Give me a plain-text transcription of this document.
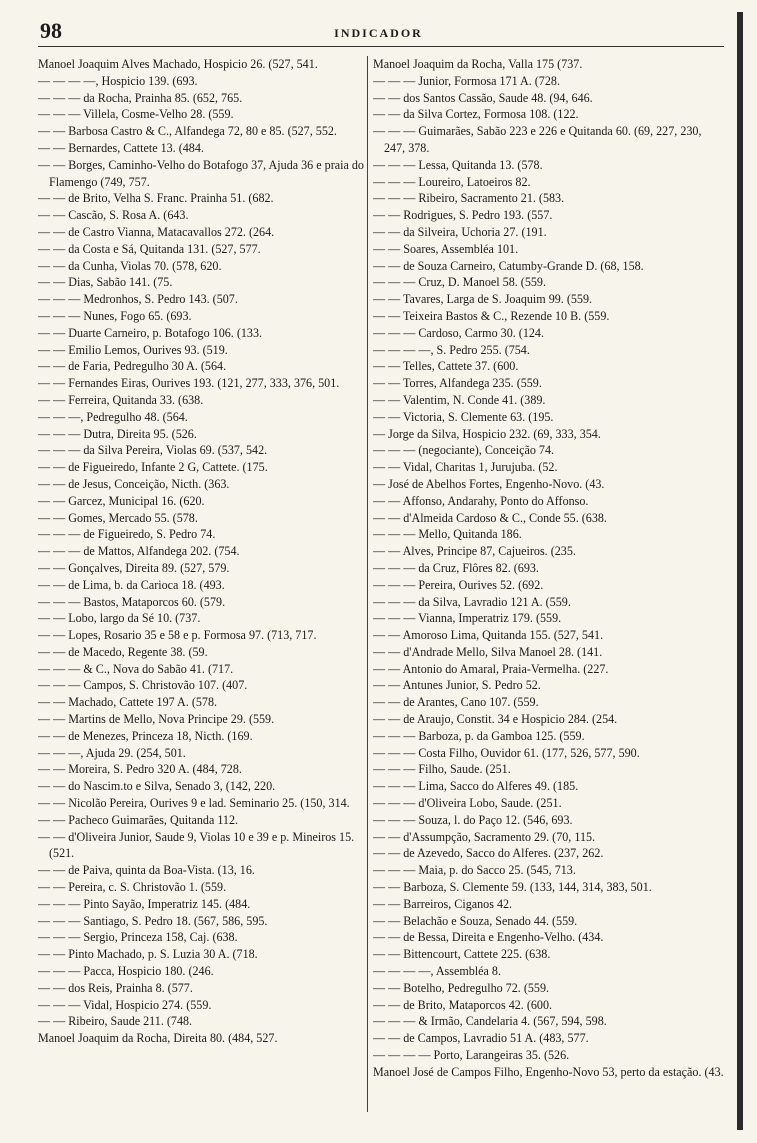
98	INDICADOR

Manoel Joaquim Alves Machado, Hospicio 26. (527, 541.

— — — —, Hospicio 139. (693.

— — — da Rocha, Prainha 85. (652, 765.

— — — Villela, Cosme-Velho 28. (559.

— — Barbosa Castro & C., Alfandega 72, 80 e 85. (527, 552.

— — Bernardes, Cattete 13. (484.

— — Borges, Caminho-Velho do Botafogo 37, Ajuda 36 e praia do Flamengo (749, 757.

— — de Brito, Velha S. Franc. Prainha 51. (682.

— — Cascão, S. Rosa A. (643.

— — de Castro Vianna, Matacavallos 272. (264.

— — da Costa e Sá, Quitanda 131. (527, 577.

— — da Cunha, Violas 70. (578, 620.

— — Dias, Sabão 141. (75.

— — — Medronhos, S. Pedro 143. (507.

— — — Nunes, Fogo 65. (693.

— — Duarte Carneiro, p. Botafogo 106. (133.

— — Emilio Lemos, Ourives 93. (519.

— — de Faria, Pedregulho 30 A. (564.

— — Fernandes Eiras, Ourives 193. (121, 277, 333, 376, 501.

— — Ferreira, Quitanda 33. (638.

— — —, Pedregulho 48. (564.

— — — Dutra, Direita 95. (526.

— — — da Silva Pereira, Violas 69. (537, 542.

— — de Figueiredo, Infante 2 G, Cattete. (175.

— — de Jesus, Conceição, Nicth. (363.

— — Garcez, Municipal 16. (620.

— — Gomes, Mercado 55. (578.

— — — de Figueiredo, S. Pedro 74.

— — — de Mattos, Alfandega 202. (754.

— — Gonçalves, Direita 89. (527, 579.

— — de Lima, b. da Carioca 18. (493.

— — — Bastos, Mataporcos 60. (579.

— — Lobo, largo da Sé 10. (737.

— — Lopes, Rosario 35 e 58 e p. Formosa 97. (713, 717.

— — de Macedo, Regente 38. (59.

— — — & C., Nova do Sabão 41. (717.

— — — Campos, S. Christovão 107. (407.

— — Machado, Cattete 197 A. (578.

— — Martins de Mello, Nova Principe 29. (559.

— — de Menezes, Princeza 18, Nicth. (169.

— — —, Ajuda 29. (254, 501.

— — Moreira, S. Pedro 320 A. (484, 728.

— — do Nascim.to e Silva, Senado 3, (142, 220.

— — Nicolão Pereira, Ourives 9 e lad. Seminario 25. (150, 314.

— — Pacheco Guimarães, Quitanda 112.

— — d'Oliveira Junior, Saude 9, Violas 10 e 39 e p. Mineiros 15. (521.

— — de Paiva, quinta da Boa-Vista. (13, 16.

— — Pereira, c. S. Christovão 1. (559.

— — — Pinto Sayão, Imperatriz 145. (484.

— — — Santiago, S. Pedro 18. (567, 586, 595.

— — — Sergio, Princeza 158, Caj. (638.

— — Pinto Machado, p. S. Luzia 30 A. (718.

— — — Pacca, Hospicio 180. (246.

— — dos Reis, Prainha 8. (577.

— — — Vidal, Hospicio 274. (559.

— — Ribeiro, Saude 211. (748.

Manoel Joaquim da Rocha, Direita 80. (484, 527.

Manoel Joaquim da Rocha, Valla 175 (737.

— — — Junior, Formosa 171 A. (728.

— — dos Santos Cassão, Saude 48. (94, 646.

— — da Silva Cortez, Formosa 108. (122.

— — — Guimarães, Sabão 223 e 226 e Quitanda 60. (69, 227, 230, 247, 378.

— — — Lessa, Quitanda 13. (578.

— — — Loureiro, Latoeiros 82.

— — — Ribeiro, Sacramento 21. (583.

— — Rodrigues, S. Pedro 193. (557.

— — da Silveira, Uchoria 27. (191.

— — Soares, Assembléa 101.

— — de Souza Carneiro, Catumby-Grande D. (68, 158.

— — — Cruz, D. Manoel 58. (559.

— — Tavares, Larga de S. Joaquim 99. (559.

— — Teixeira Bastos & C., Rezende 10 B. (559.

— — — Cardoso, Carmo 30. (124.

— — — —, S. Pedro 255. (754.

— — Telles, Cattete 37. (600.

— — Torres, Alfandega 235. (559.

— — Valentim, N. Conde 41. (389.

— — Victoria, S. Clemente 63. (195.

— Jorge da Silva, Hospicio 232. (69, 333, 354.

— — — (negociante), Conceição 74.

— — Vidal, Charitas 1, Jurujuba. (52.

— José de Abelhos Fortes, Engenho-Novo. (43.

— — Affonso, Andarahy, Ponto do Affonso.

— — d'Almeida Cardoso & C., Conde 55. (638.

— — — Mello, Quitanda 186.

— — Alves, Principe 87, Cajueiros. (235.

— — — da Cruz, Flôres 82. (693.

— — — Pereira, Ourives 52. (692.

— — — da Silva, Lavradio 121 A. (559.

— — — Vianna, Imperatriz 179. (559.

— — Amoroso Lima, Quitanda 155. (527, 541.

— — d'Andrade Mello, Silva Manoel 28. (141.

— — Antonio do Amaral, Praia-Vermelha. (227.

— — Antunes Junior, S. Pedro 52.

— — de Arantes, Cano 107. (559.

— — de Araujo, Constit. 34 e Hospicio 284. (254.

— — — Barboza, p. da Gamboa 125. (559.

— — — Costa Filho, Ouvidor 61. (177, 526, 577, 590.

— — — Filho, Saude. (251.

— — — Lima, Sacco do Alferes 49. (185.

— — — d'Oliveira Lobo, Saude. (251.

— — — Souza, l. do Paço 12. (546, 693.

— — d'Assumpção, Sacramento 29. (70, 115.

— — de Azevedo, Sacco do Alferes. (237, 262.

— — — Maia, p. do Sacco 25. (545, 713.

— — Barboza, S. Clemente 59. (133, 144, 314, 383, 501.

— — Barreiros, Ciganos 42.

— — Belachão e Souza, Senado 44. (559.

— — de Bessa, Direita e Engenho-Velho. (434.

— — Bittencourt, Cattete 225. (638.

— — — —, Assembléa 8.

— — Botelho, Pedregulho 72. (559.

— — de Brito, Mataporcos 42. (600.

— — — & Irmão, Candelaria 4. (567, 594, 598.

— — de Campos, Lavradio 51 A. (483, 577.

— — — — Porto, Larangeiras 35. (526.

Manoel José de Campos Filho, Engenho-Novo 53, perto da estação. (43.
